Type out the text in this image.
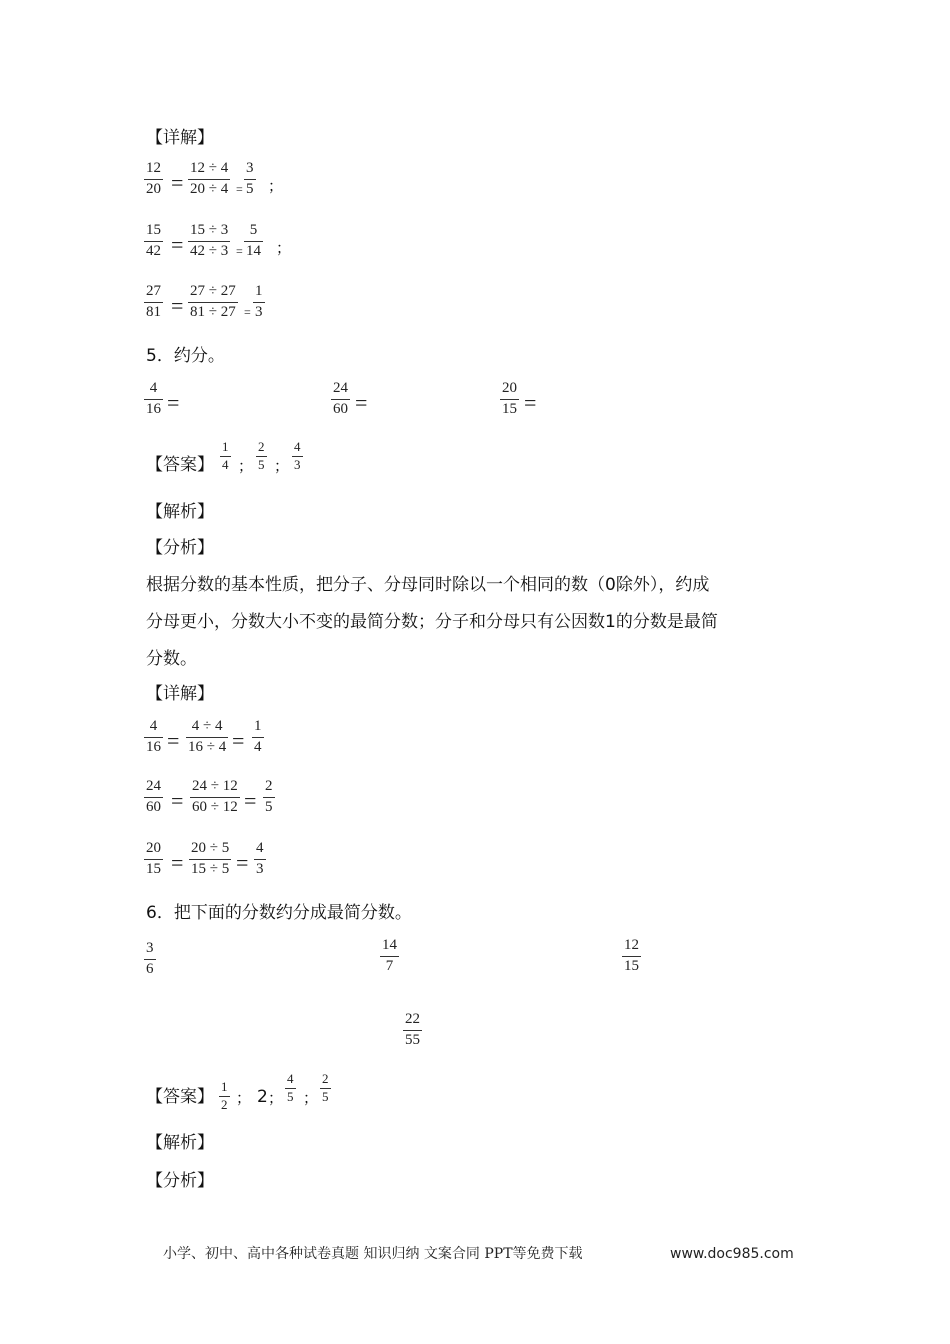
【详解】
12
20 =
12 ÷ 4
20 ÷ 4 =
3
5 ；
15
42 =
15 ÷ 3
42 ÷ 3 =
5
14 ；
27
81 =
27 ÷ 27
81 ÷ 27 =
1
3
5．约分。
4
16 =
24
60 =
20
15 =
【答案】
1
4 ；
2
5 ；
4
3
【解析】
【分析】
根据分数的基本性质，把分子、分母同时除以一个相同的数（0除外），约成
分母更小，分数大小不变的最简分数；分子和分母只有公因数1的分数是最简
分数。
【详解】
4
16 =
4 ÷ 4
16 ÷ 4 =
1
4
24
60 =
24 ÷ 12
60 ÷ 12 =
2
5
20
15 =
20 ÷ 5
15 ÷ 5 =
4
3
6．把下面的分数约分成最简分数。
3
6
14
7
12
15
22
55
【答案】
1
2 ； 2 ；
4
5 ；
2
5
【解析】
【分析】
小学、初中、高中各种试卷真题 知识归纳 文案合同 PPT等免费下载	www.doc985.com
